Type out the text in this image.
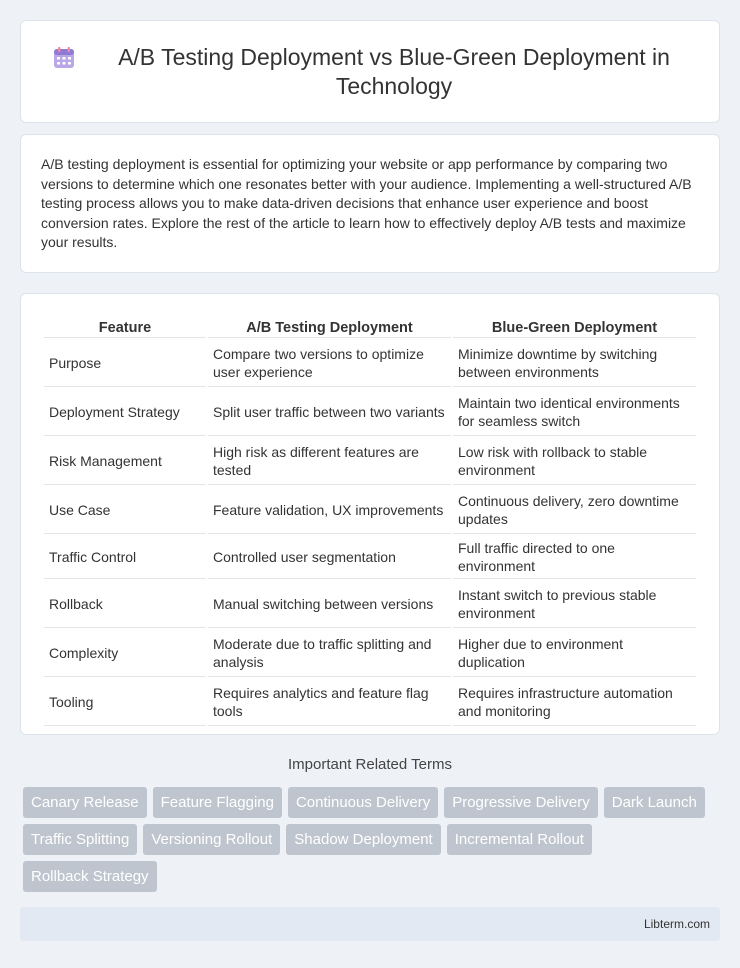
A/B Testing Deployment vs Blue-Green Deployment in Technology

A/B testing deployment is essential for optimizing your website or app performance by comparing two versions to determine which one resonates better with your audience. Implementing a well-structured A/B testing process allows you to make data-driven decisions that enhance user experience and boost conversion rates. Explore the rest of the article to learn how to effectively deploy A/B tests and maximize your results.

Feature	A/B Testing Deployment	Blue-Green Deployment
Purpose	Compare two versions to optimize user experience	Minimize downtime by switching between environments
Deployment Strategy	Split user traffic between two variants	Maintain two identical environments for seamless switch
Risk Management	High risk as different features are tested	Low risk with rollback to stable environment
Use Case	Feature validation, UX improvements	Continuous delivery, zero downtime updates
Traffic Control	Controlled user segmentation	Full traffic directed to one environment
Rollback	Manual switching between versions	Instant switch to previous stable environment
Complexity	Moderate due to traffic splitting and analysis	Higher due to environment duplication
Tooling	Requires analytics and feature flag tools	Requires infrastructure automation and monitoring
Important Related Terms
Canary Release	Feature Flagging	Continuous Delivery	Progressive Delivery	Dark Launch
Traffic Splitting	Versioning Rollout	Shadow Deployment	Incremental Rollout
Rollback Strategy
Libterm.com
